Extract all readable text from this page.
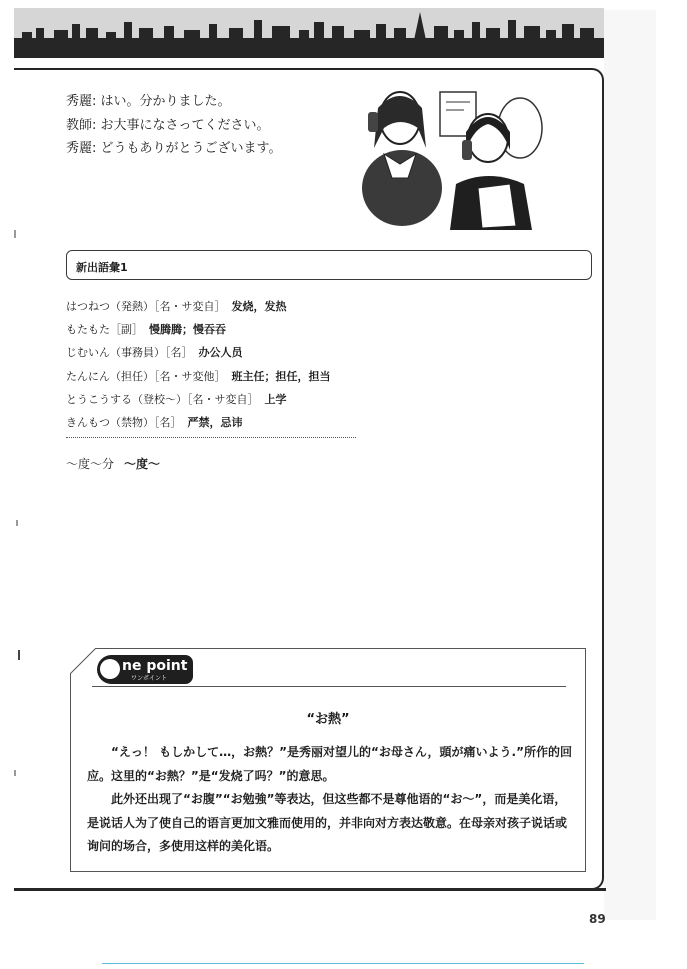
秀麗: はい。分かりました。
教師: お大事になさってください。
秀麗: どうもありがとうございます。
新出語彙1
はつねつ（発熱）［名・サ変自］ 发烧，发热
もたもた［副］ 慢腾腾；慢吞吞
じむいん（事務員）［名］ 办公人员
たんにん（担任）［名・サ変他］ 班主任；担任，担当
とうこうする（登校～）［名・サ変自］ 上学
きんもつ（禁物）［名］ 严禁，忌讳
～度～分 ～度～
ne point
ワンポイント
“お熱”

“えっ！ もしかして…，お熱？”是秀丽对望儿的“お母さん，頭が痛いよう.”所作的回应。这里的“お熱？”是“发烧了吗？”的意思。

此外还出现了“お腹”“お勉強”等表达，但这些都不是尊他语的“お～”，而是美化语，是说话人为了使自己的语言更加文雅而使用的，并非向对方表达敬意。在母亲对孩子说话或询问的场合，多使用这样的美化语。

89
